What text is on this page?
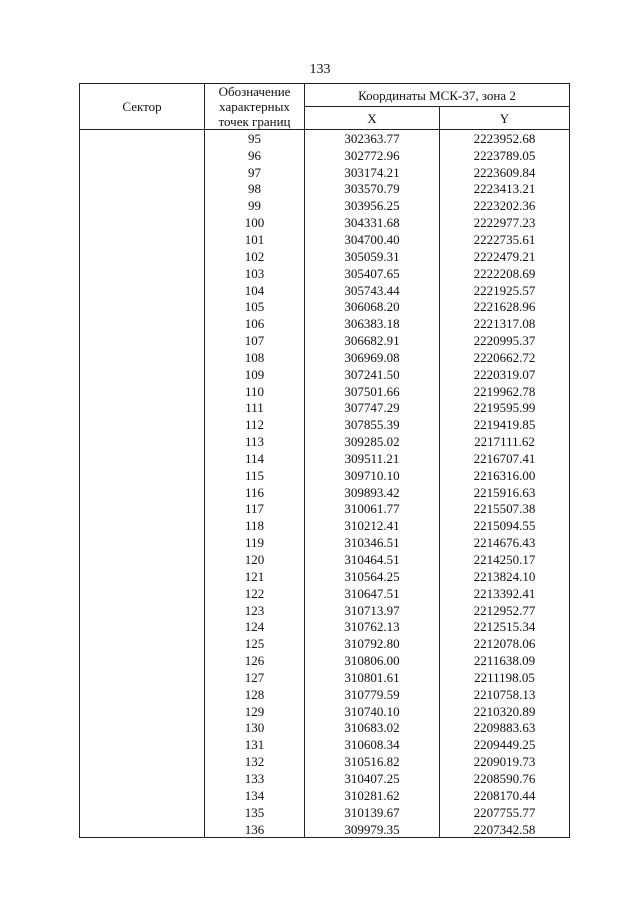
133
Сектор	Обозначение характерных точек границ	Координаты МСК-37, зона 2	
		X	Y
	95	302363.77	2223952.68
	96	302772.96	2223789.05
	97	303174.21	2223609.84
	98	303570.79	2223413.21
	99	303956.25	2223202.36
	100	304331.68	2222977.23
	101	304700.40	2222735.61
	102	305059.31	2222479.21
	103	305407.65	2222208.69
	104	305743.44	2221925.57
	105	306068.20	2221628.96
	106	306383.18	2221317.08
	107	306682.91	2220995.37
	108	306969.08	2220662.72
	109	307241.50	2220319.07
	110	307501.66	2219962.78
	111	307747.29	2219595.99
	112	307855.39	2219419.85
	113	309285.02	2217111.62
	114	309511.21	2216707.41
	115	309710.10	2216316.00
	116	309893.42	2215916.63
	117	310061.77	2215507.38
	118	310212.41	2215094.55
	119	310346.51	2214676.43
	120	310464.51	2214250.17
	121	310564.25	2213824.10
	122	310647.51	2213392.41
	123	310713.97	2212952.77
	124	310762.13	2212515.34
	125	310792.80	2212078.06
	126	310806.00	2211638.09
	127	310801.61	2211198.05
	128	310779.59	2210758.13
	129	310740.10	2210320.89
	130	310683.02	2209883.63
	131	310608.34	2209449.25
	132	310516.82	2209019.73
	133	310407.25	2208590.76
	134	310281.62	2208170.44
	135	310139.67	2207755.77
	136	309979.35	2207342.58
